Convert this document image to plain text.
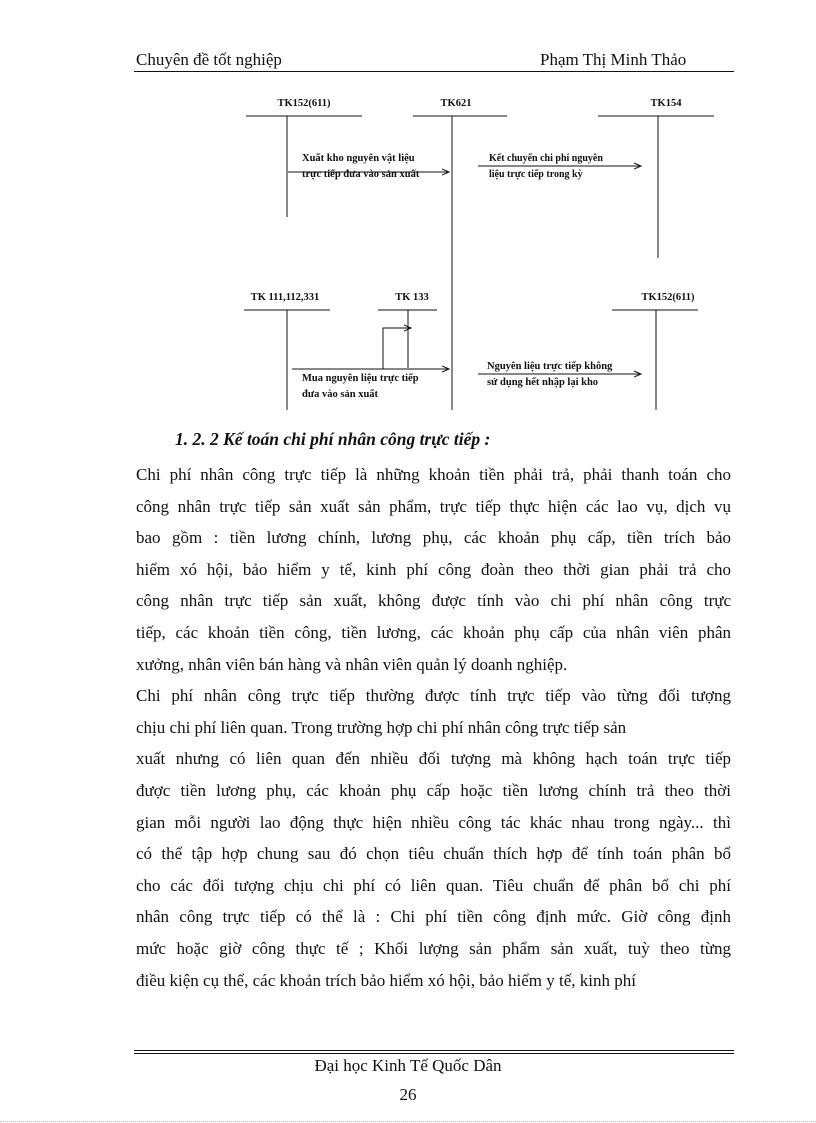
Chuyên đề tốt nghiệp	Phạm Thị Minh Thảo
TK152(611)	TK621	TK154
TK 111,112,331	TK 133	TK152(611)
Xuất kho nguyên vật liệu
trực tiếp đưa vào sản xuất
Kết chuyển chi phí nguyên
liệu trực tiếp trong kỳ
Mua nguyên liệu trực tiếp
đưa vào sản xuất
Nguyên liệu trực tiếp không
sử dụng hết nhập lại kho
1. 2. 2 Kế toán chi phí nhân công trực tiếp :
Chi phí nhân công trực tiếp là những khoản tiền phải trả, phải thanh toán cho
công nhân trực tiếp sản xuất sản phẩm, trực tiếp thực hiện các lao vụ, dịch vụ
bao gồm : tiền lương chính, lương phụ, các khoản phụ cấp, tiền trích bảo
hiểm xó hội, bảo hiểm y tế, kinh phí công đoàn theo thời gian phải trả cho
công nhân trực tiếp sản xuất, không được tính vào chi phí nhân công trực
tiếp, các khoản tiền công, tiền lương, các khoản phụ cấp của nhân viên phân
xưởng, nhân viên bán hàng và nhân viên quản lý doanh nghiệp.
Chi phí nhân công trực tiếp thường được tính trực tiếp vào từng đối tượng
chịu chi phí liên quan. Trong trường hợp chi phí nhân công trực tiếp sản
xuất nhưng có liên quan đến nhiều đối tượng mà không hạch toán trực tiếp
được tiền lương phụ, các khoản phụ cấp hoặc tiền lương chính trả theo thời
gian mỗi người lao động thực hiện nhiều công tác khác nhau trong ngày... thì
có thể tập hợp chung sau đó chọn tiêu chuẩn thích hợp để tính toán phân bổ
cho các đối tượng chịu chi phí có liên quan. Tiêu chuẩn để phân bổ chi phí
nhân công trực tiếp có thể là : Chi phí tiền công định mức. Giờ công định
mức hoặc giờ công thực tế ; Khối lượng sản phẩm sản xuất, tuỳ theo từng
điều kiện cụ thể, các khoản trích bảo hiểm xó hội, bảo hiểm y tế, kinh phí
Đại học Kinh Tế Quốc Dân
26
